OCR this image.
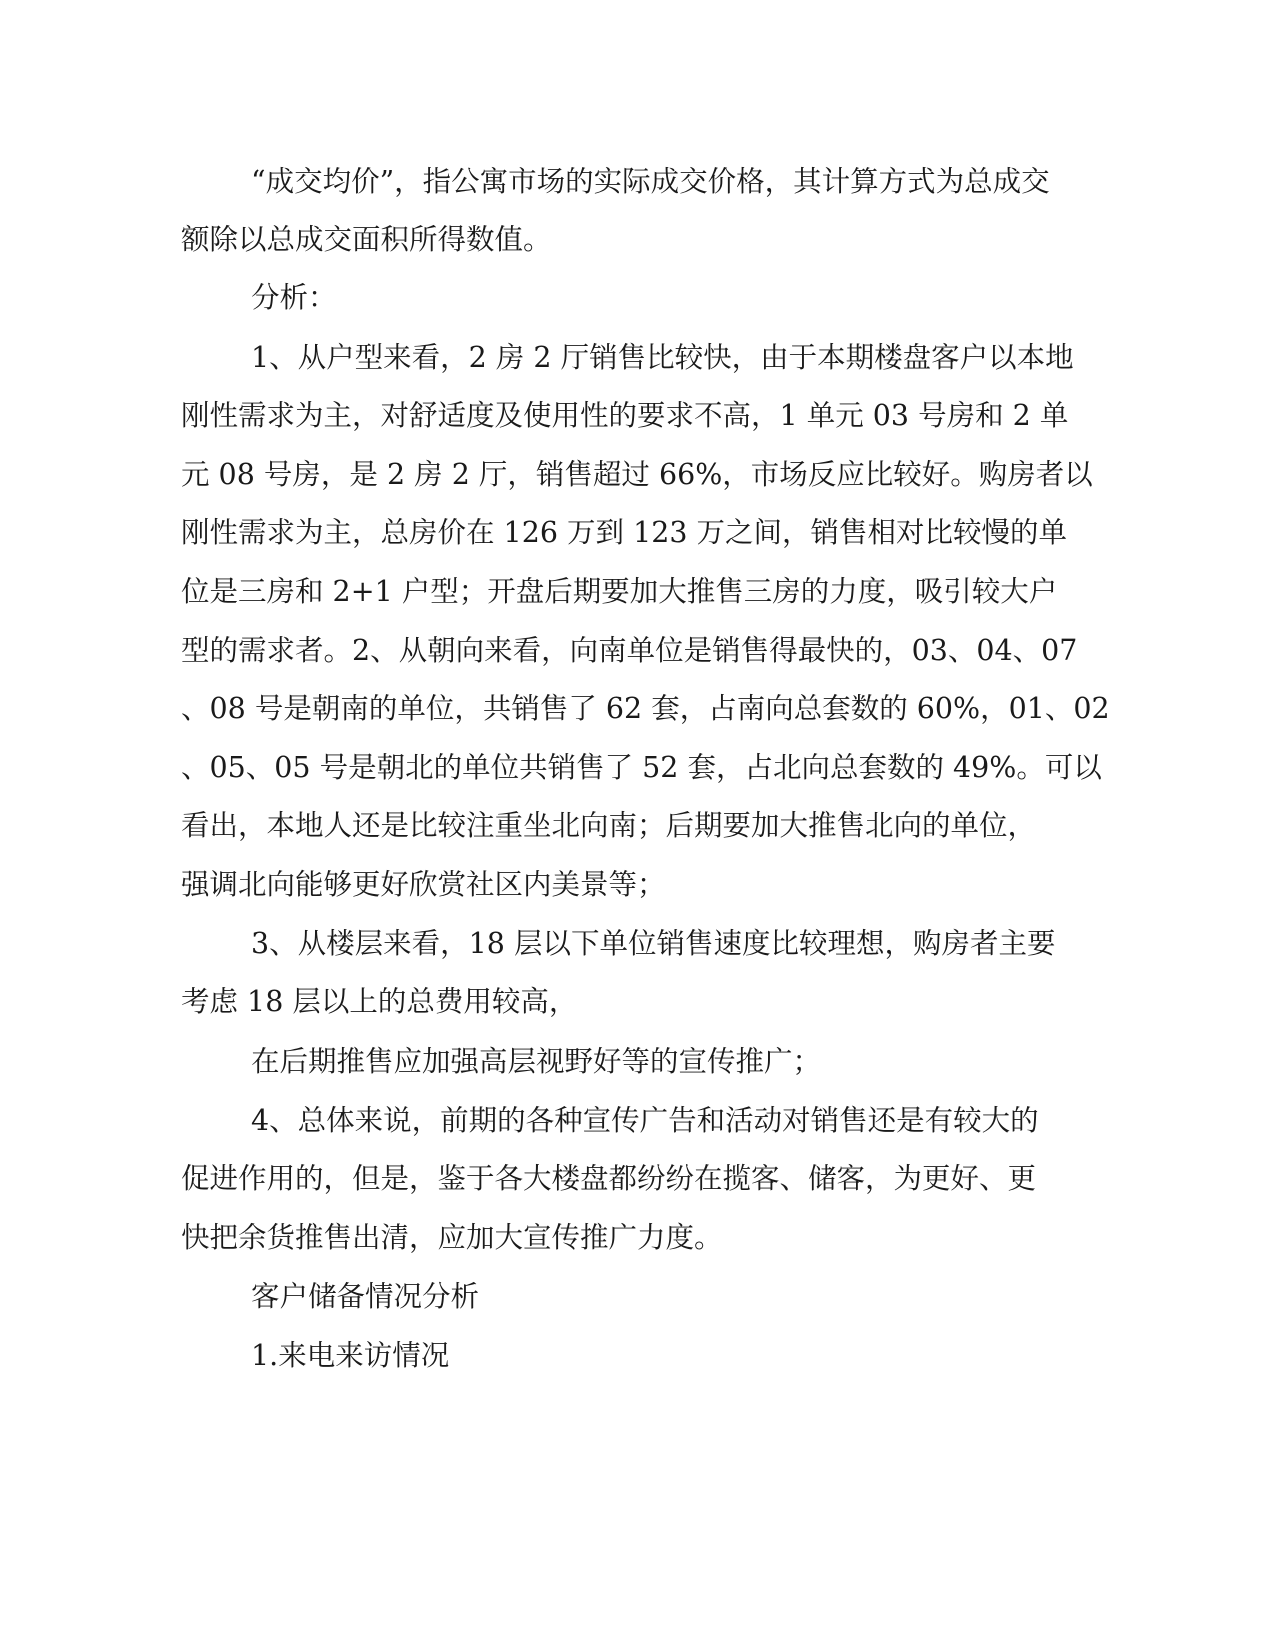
“成交均价”，指公寓市场的实际成交价格，其计算方式为总成交

额除以总成交面积所得数值。

分析：

1、从户型来看，2 房 2 厅销售比较快，由于本期楼盘客户以本地

刚性需求为主，对舒适度及使用性的要求不高，1 单元 03 号房和 2 单

元 08 号房，是 2 房 2 厅，销售超过 66%，市场反应比较好。购房者以

刚性需求为主，总房价在 126 万到 123 万之间，销售相对比较慢的单

位是三房和 2+1 户型；开盘后期要加大推售三房的力度，吸引较大户

型的需求者。2、从朝向来看，向南单位是销售得最快的，03、04、07

、08 号是朝南的单位，共销售了 62 套，占南向总套数的 60%，01、02

、05、05 号是朝北的单位共销售了 52 套，占北向总套数的 49%。可以

看出，本地人还是比较注重坐北向南；后期要加大推售北向的单位，

强调北向能够更好欣赏社区内美景等；

3、从楼层来看，18 层以下单位销售速度比较理想，购房者主要

考虑 18 层以上的总费用较高，

在后期推售应加强高层视野好等的宣传推广；

4、总体来说，前期的各种宣传广告和活动对销售还是有较大的

促进作用的，但是，鉴于各大楼盘都纷纷在揽客、储客，为更好、更

快把余货推售出清，应加大宣传推广力度。

客户储备情况分析

1.来电来访情况
